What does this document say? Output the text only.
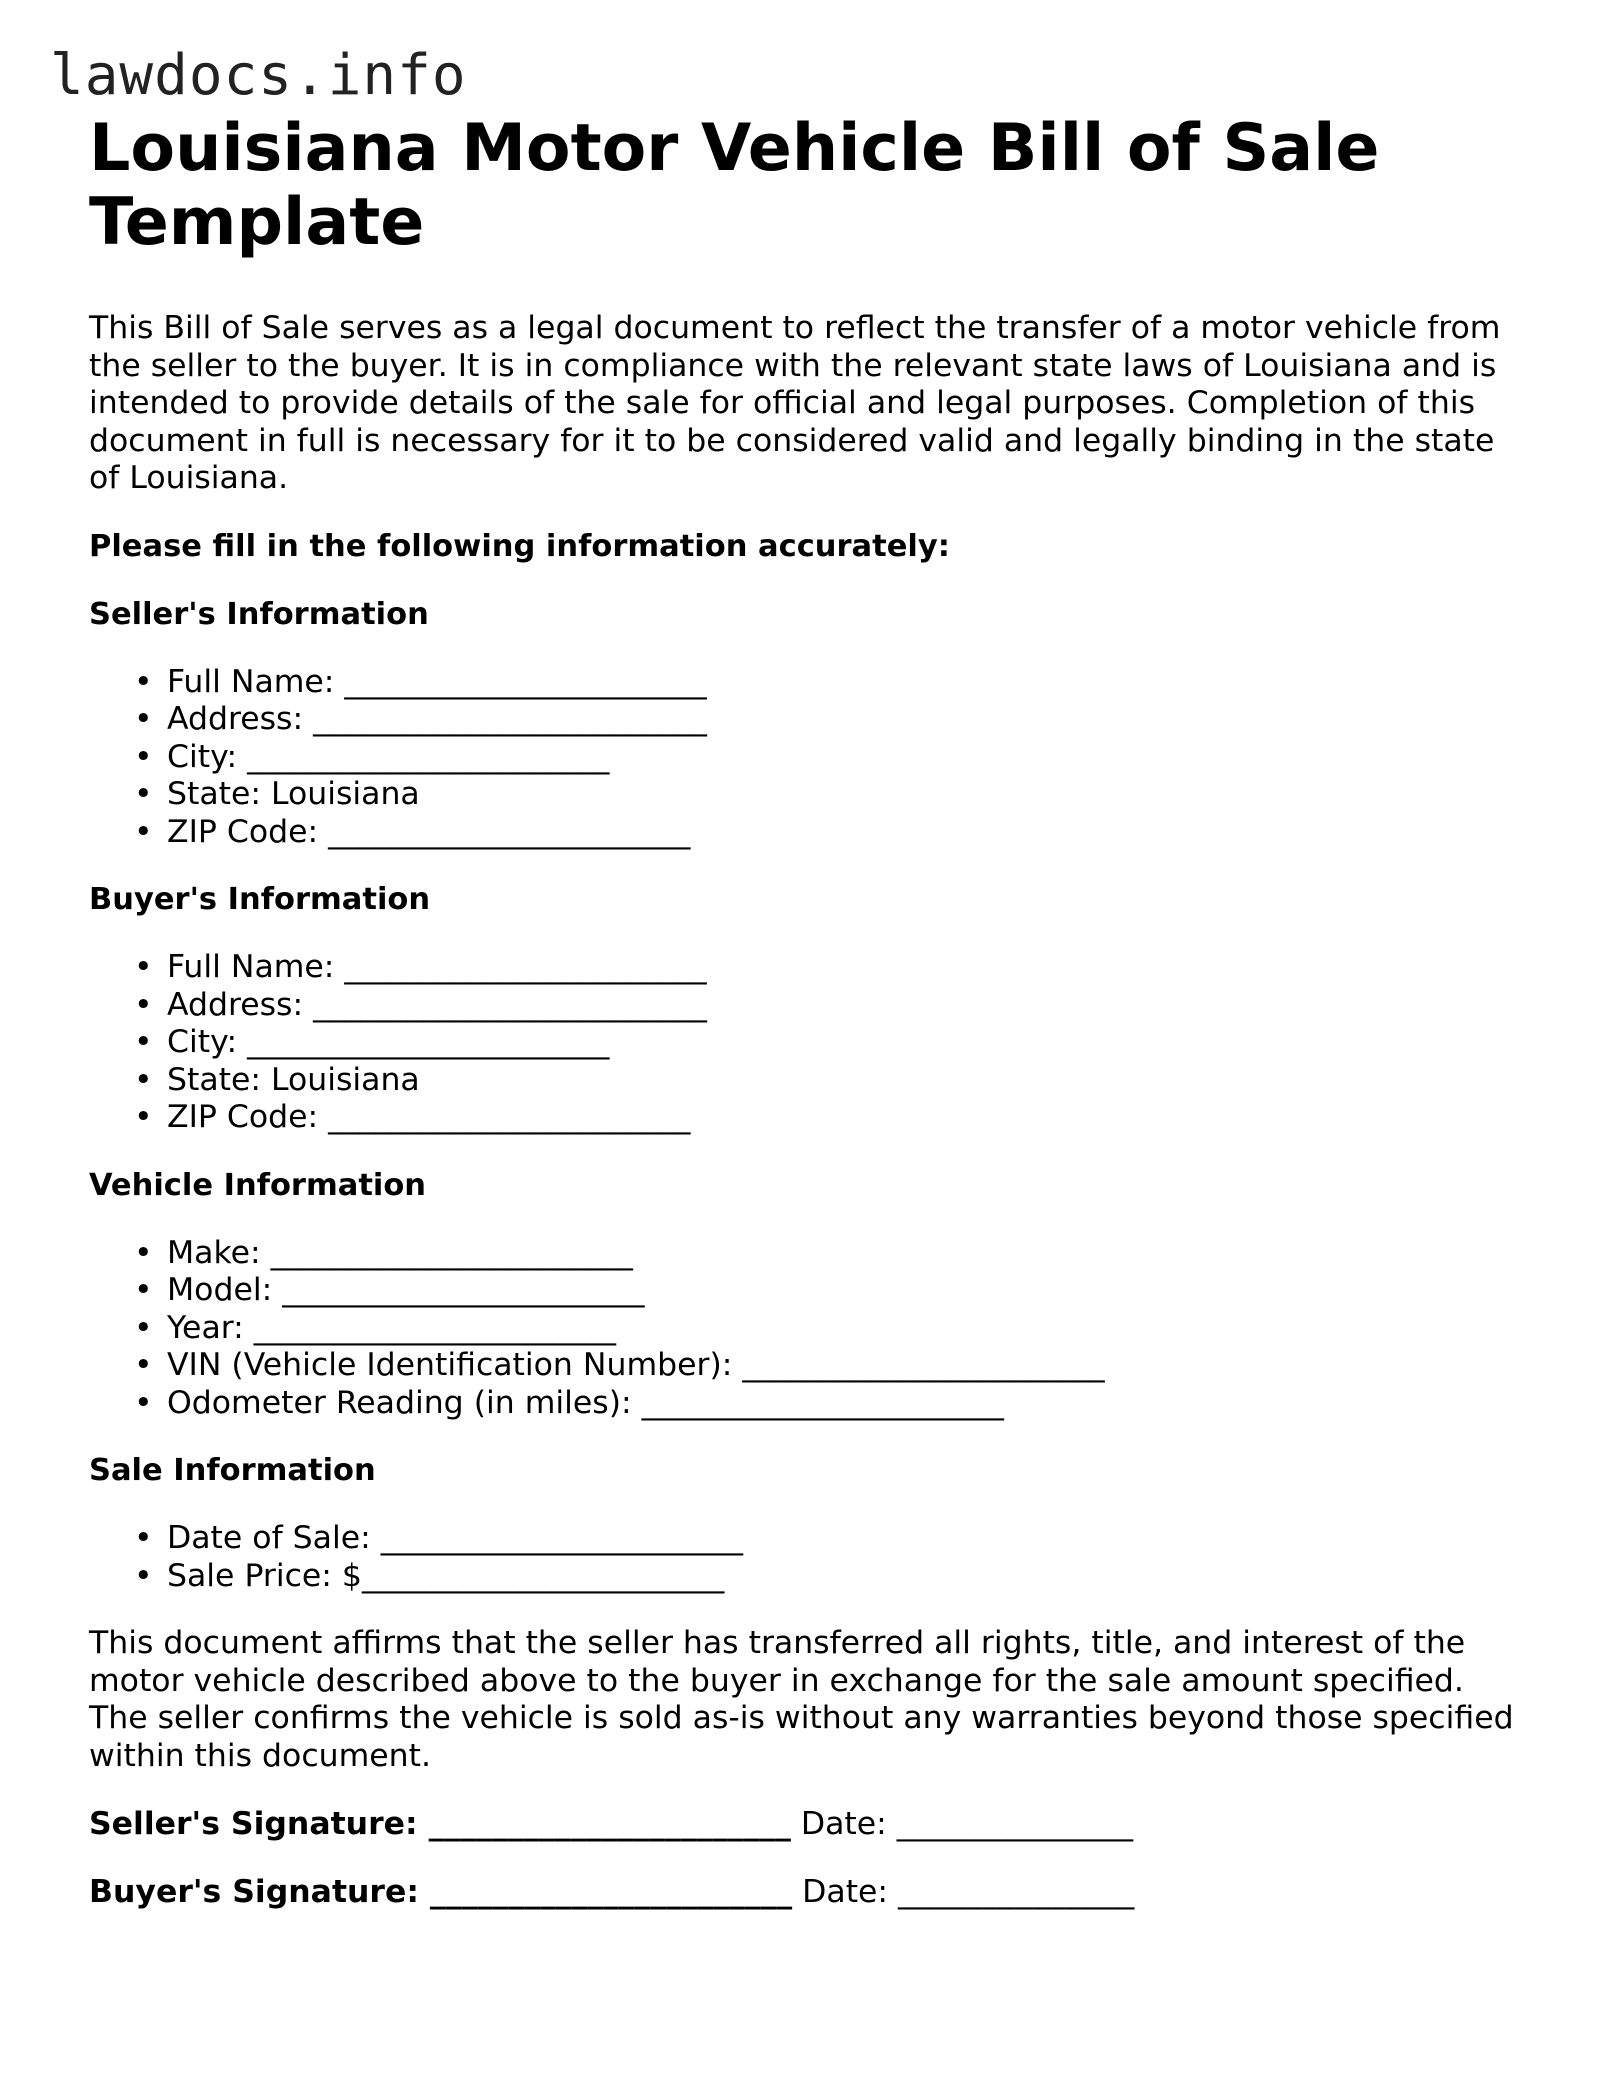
lawdocs.info
Louisiana Motor Vehicle Bill of Sale Template

This Bill of Sale serves as a legal document to reflect the transfer of a motor vehicle from the seller to the buyer. It is in compliance with the relevant state laws of Louisiana and is intended to provide details of the sale for official and legal purposes. Completion of this document in full is necessary for it to be considered valid and legally binding in the state of Louisiana.

Please fill in the following information accurately:
Seller's Information
• Full Name: _______________________
• Address: _________________________
• City: _______________________
• State: Louisiana
• ZIP Code: _______________________
Buyer's Information
• Full Name: _______________________
• Address: _________________________
• City: _______________________
• State: Louisiana
• ZIP Code: _______________________
Vehicle Information
• Make: _______________________
• Model: _______________________
• Year: _______________________
• VIN (Vehicle Identification Number): _______________________
• Odometer Reading (in miles): _______________________
Sale Information
• Date of Sale: _______________________
• Sale Price: $_______________________

This document affirms that the seller has transferred all rights, title, and interest of the motor vehicle described above to the buyer in exchange for the sale amount specified. The seller confirms the vehicle is sold as-is without any warranties beyond those specified within this document.

Seller's Signature: _______________________ Date: _______________
Buyer's Signature: _______________________ Date: _______________
